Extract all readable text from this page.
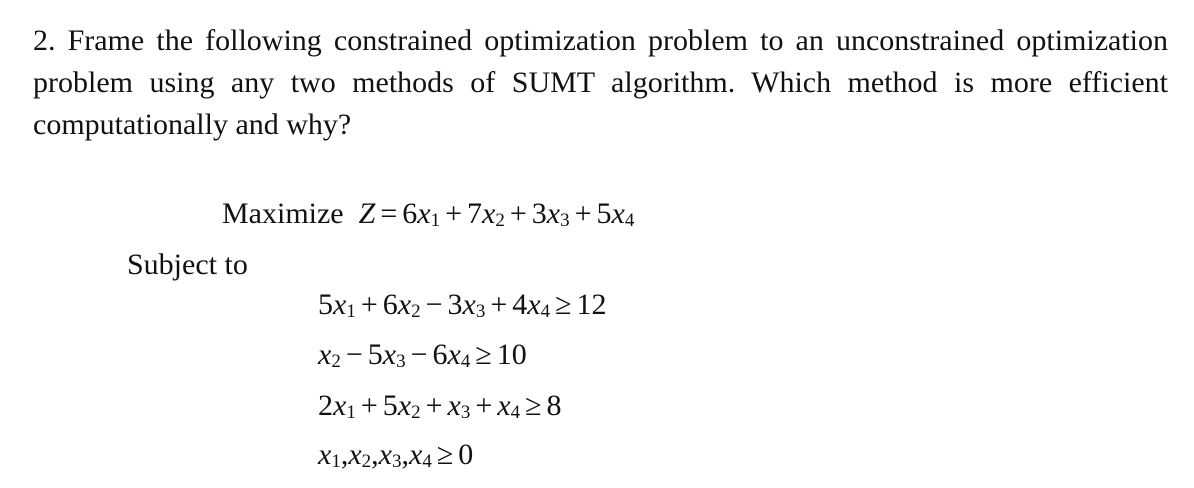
2. Frame the following constrained optimization problem to an unconstrained optimization problem using any two methods of SUMT algorithm. Which method is more efficient computationally and why?
Maximize $Z = 6x_1 + 7x_2 + 3x_3 + 5x_4$
Subject to
$5x_1 + 6x_2 - 3x_3 + 4x_4 \ge 12$
$x_2 - 5x_3 - 6x_4 \ge 10$
$2x_1 + 5x_2 + x_3 + x_4 \ge 8$
$x_1,x_2,x_3,x_4 \ge 0$
